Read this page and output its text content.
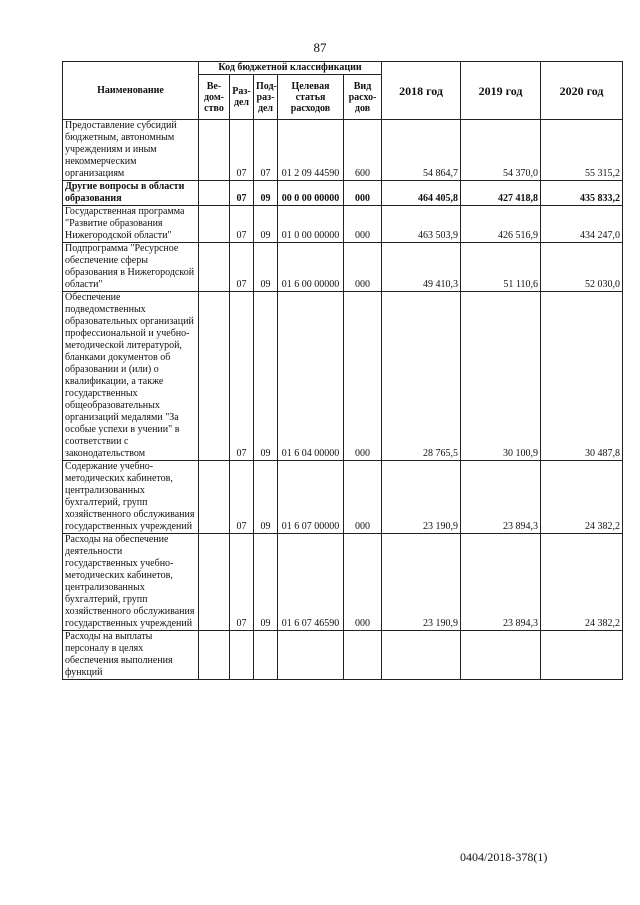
87
Наименование	Код бюджетной классификации					2018 год	2019 год	2020 год
	Ве-дом-ство	Раз-дел	Под-раз-дел	Целевая статья расходов	Вид расхо-дов			
Предоставление субсидий бюджетным, автономным учреждениям и иным некоммерческим организациям		07	07	01 2 09 44590	600	54 864,7	54 370,0	55 315,2
Другие вопросы в области образования		07	09	00 0 00 00000	000	464 405,8	427 418,8	435 833,2
Государственная программа "Развитие образования Нижегородской области"		07	09	01 0 00 00000	000	463 503,9	426 516,9	434 247,0
Подпрограмма "Ресурсное обеспечение сферы образования в Нижегородской области"		07	09	01 6 00 00000	000	49 410,3	51 110,6	52 030,0
Обеспечение подведомственных образовательных организаций профессиональной и учебно-методической литературой, бланками документов об образовании и (или) о квалификации, а также государственных общеобразовательных организаций медалями "За особые успехи в учении" в соответствии с законодательством		07	09	01 6 04 00000	000	28 765,5	30 100,9	30 487,8
Содержание учебно-методических кабинетов, централизованных бухгалтерий, групп хозяйственного обслуживания государственных учреждений		07	09	01 6 07 00000	000	23 190,9	23 894,3	24 382,2
Расходы на обеспечение деятельности государственных учебно-методических кабинетов, централизованных бухгалтерий, групп хозяйственного обслуживания государственных учреждений		07	09	01 6 07 46590	000	23 190,9	23 894,3	24 382,2
Расходы на выплаты персоналу в целях обеспечения выполнения функций								
0404/2018-378(1)
